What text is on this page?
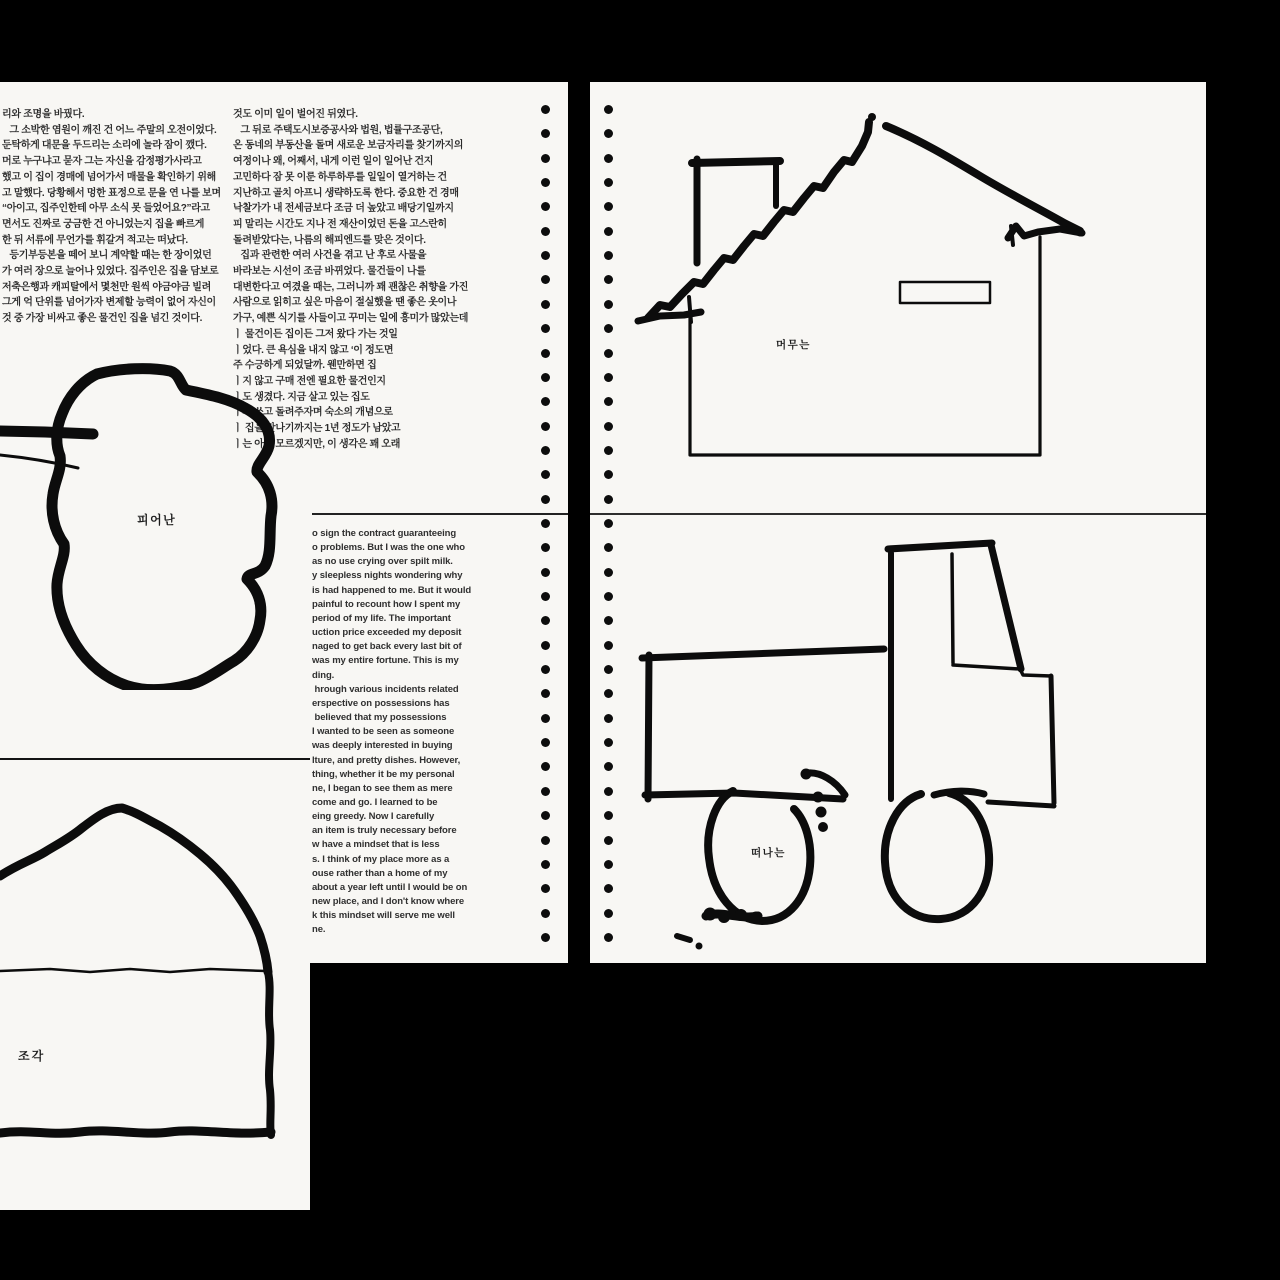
리와 조명을 바꿨다.
그 소박한 염원이 깨진 건 어느 주말의 오전이었다.
둔탁하게 대문을 두드리는 소리에 놀라 잠이 깼다.
머로 누구냐고 묻자 그는 자신을 감정평가사라고
했고 이 집이 경매에 넘어가서 매물을 확인하기 위해
고 말했다. 당황해서 멍한 표정으로 문을 연 나를 보며
“아이고, 집주인한테 아무 소식 못 들었어요?”라고
면서도 진짜로 궁금한 건 아니었는지 집을 빠르게
한 뒤 서류에 무언가를 휘갈겨 적고는 떠났다.
등기부등본을 떼어 보니 계약할 때는 한 장이었던
가 여러 장으로 늘어나 있었다. 집주인은 집을 담보로
저축은행과 캐피탈에서 몇천만 원씩 야금야금 빌려
그게 억 단위를 넘어가자 변제할 능력이 없어 자신이
것 중 가장 비싸고 좋은 물건인 집을 넘긴 것이다.
것도 이미 일이 벌어진 뒤였다.
그 뒤로 주택도시보증공사와 법원, 법률구조공단,
온 동네의 부동산을 돌며 새로운 보금자리를 찾기까지의
여정이나 왜, 어째서, 내게 이런 일이 일어난 건지
고민하다 잠 못 이룬 하루하루를 일일이 열거하는 건
지난하고 골치 아프니 생략하도록 한다. 중요한 건 경매
낙찰가가 내 전세금보다 조금 더 높았고 배당기일까지
피 말리는 시간도 지나 전 재산이었던 돈을 고스란히
돌려받았다는, 나름의 해피엔드를 맞은 것이다.
집과 관련한 여러 사건을 겪고 난 후로 사물을
바라보는 시선이 조금 바뀌었다. 물건들이 나를
대변한다고 여겼을 때는, 그러니까 꽤 괜찮은 취향을 가진
사람으로 읽히고 싶은 마음이 절실했을 땐 좋은 옷이나
가구, 예쁜 식기를 사들이고 꾸미는 일에 흥미가 많았는데
ㅣ 물건이든 집이든 그저 왔다 가는 것일
ㅣ었다. 큰 욕심을 내지 않고 ‘이 정도면
주 수긍하게 되었달까. 웬만하면 집
ㅣ지 않고 구매 전엔 필요한 물건인지
ㅣ도 생겼다. 지금 살고 있는 집도
ㅣ게 쓰고 돌려주자며 숙소의 개념으로
ㅣ 집을 만나기까지는 1년 정도가 남았고
ㅣ는 아직 모르겠지만, 이 생각은 꽤 오래
o sign the contract guaranteeing
o problems. But I was the one who
as no use crying over spilt milk.
y sleepless nights wondering why
is had happened to me. But it would
painful to recount how I spent my
period of my life. The important
uction price exceeded my deposit
naged to get back every last bit of
was my entire fortune. This is my
ding.
hrough various incidents related
erspective on possessions has
believed that my possessions
I wanted to be seen as someone
was deeply interested in buying
lture, and pretty dishes. However,
thing, whether it be my personal
ne, I began to see them as mere
come and go. I learned to be
eing greedy. Now I carefully
an item is truly necessary before
w have a mindset that is less
s. I think of my place more as a
ouse rather than a home of my
about a year left until I would be on
new place, and I don't know where
k this mindset will serve me well
ne.
피어난
조각
머무는
떠나는
